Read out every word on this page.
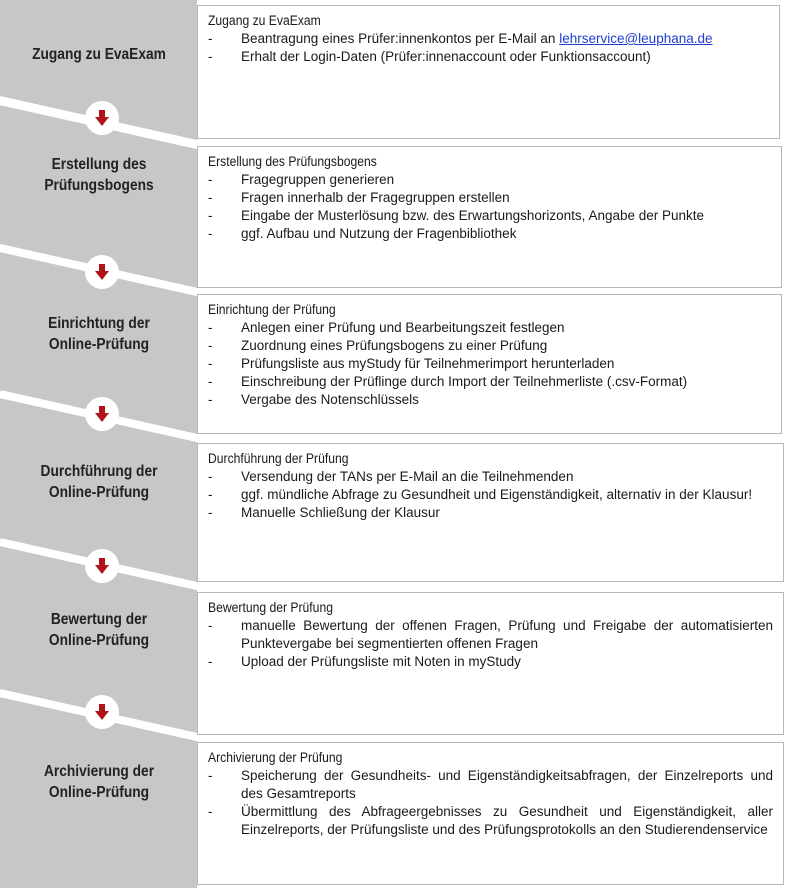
Zugang zu EvaExam
Erstellung des
Prüfungsbogens
Einrichtung der
Online-Prüfung
Durchführung der
Online-Prüfung
Bewertung der
Online-Prüfung
Archivierung der
Online-Prüfung
Zugang zu EvaExam
- Beantragung eines Prüfer:innenkontos per E-Mail an lehrservice@leuphana.de
- Erhalt der Login-Daten (Prüfer:innenaccount oder Funktionsaccount)
Erstellung des Prüfungsbogens
- Fragegruppen generieren
- Fragen innerhalb der Fragegruppen erstellen
- Eingabe der Musterlösung bzw. des Erwartungshorizonts, Angabe der Punkte
- ggf. Aufbau und Nutzung der Fragenbibliothek
Einrichtung der Prüfung
- Anlegen einer Prüfung und Bearbeitungszeit festlegen
- Zuordnung eines Prüfungsbogens zu einer Prüfung
- Prüfungsliste aus myStudy für Teilnehmerimport herunterladen
- Einschreibung der Prüflinge durch Import der Teilnehmerliste (.csv-Format)
- Vergabe des Notenschlüssels
Durchführung der Prüfung
- Versendung der TANs per E-Mail an die Teilnehmenden
- ggf. mündliche Abfrage zu Gesundheit und Eigenständigkeit, alternativ in der Klausur!
- Manuelle Schließung der Klausur
Bewertung der Prüfung
- manuelle Bewertung der offenen Fragen, Prüfung und Freigabe der automatisierten Punktevergabe bei segmentierten offenen Fragen
- Upload der Prüfungsliste mit Noten in myStudy
Archivierung der Prüfung
- Speicherung der Gesundheits- und Eigenständigkeitsabfragen, der Einzelreports und des Gesamtreports
- Übermittlung des Abfrageergebnisses zu Gesundheit und Eigenständigkeit, aller Einzelreports, der Prüfungsliste und des Prüfungsprotokolls an den Studierendenservice
